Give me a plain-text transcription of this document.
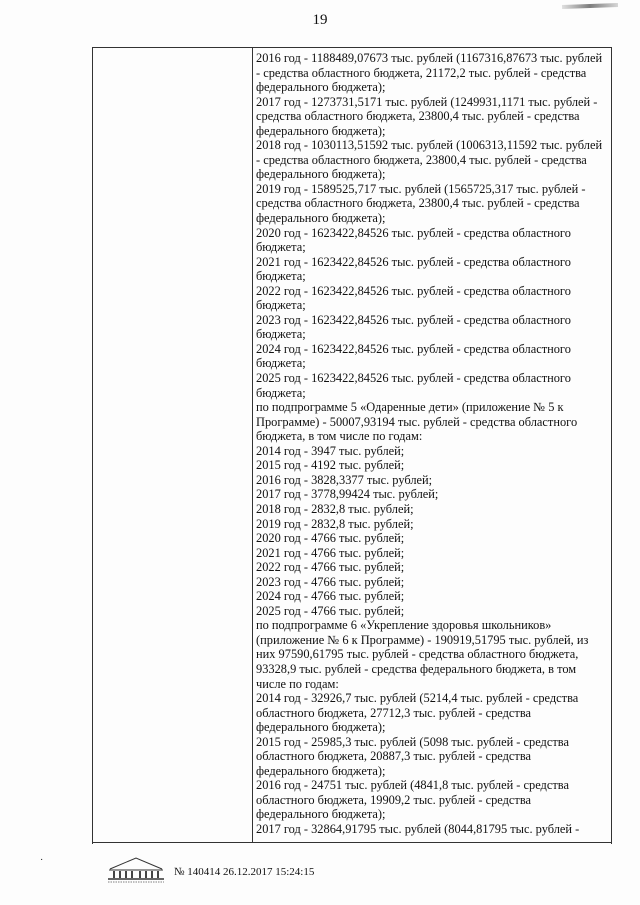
19

2016 год - 1188489,07673 тыс. рублей (1167316,87673 тыс. рублей - средства областного бюджета, 21172,2 тыс. рублей - средства федерального бюджета);

2017 год - 1273731,5171 тыс. рублей (1249931,1171 тыс. рублей - средства областного бюджета, 23800,4 тыс. рублей - средства федерального бюджета);

2018 год - 1030113,51592 тыс. рублей (1006313,11592 тыс. рублей - средства областного бюджета, 23800,4 тыс. рублей - средства федерального бюджета);

2019 год - 1589525,717 тыс. рублей (1565725,317 тыс. рублей - средства областного бюджета, 23800,4 тыс. рублей - средства федерального бюджета);

2020 год - 1623422,84526 тыс. рублей - средства областного бюджета;

2021 год - 1623422,84526 тыс. рублей - средства областного бюджета;

2022 год - 1623422,84526 тыс. рублей - средства областного бюджета;

2023 год - 1623422,84526 тыс. рублей - средства областного бюджета;

2024 год - 1623422,84526 тыс. рублей - средства областного бюджета;

2025 год - 1623422,84526 тыс. рублей - средства областного бюджета;

по подпрограмме 5 «Одаренные дети» (приложение № 5 к Программе) - 50007,93194 тыс. рублей - средства областного бюджета, в том числе по годам:

2014 год - 3947 тыс. рублей;

2015 год - 4192 тыс. рублей;

2016 год - 3828,3377 тыс. рублей;

2017 год - 3778,99424 тыс. рублей;

2018 год - 2832,8 тыс. рублей;

2019 год - 2832,8 тыс. рублей;

2020 год - 4766 тыс. рублей;

2021 год - 4766 тыс. рублей;

2022 год - 4766 тыс. рублей;

2023 год - 4766 тыс. рублей;

2024 год - 4766 тыс. рублей;

2025 год - 4766 тыс. рублей;

по подпрограмме 6 «Укрепление здоровья школьников» (приложение № 6 к Программе) - 190919,51795 тыс. рублей, из них 97590,61795 тыс. рублей - средства областного бюджета, 93328,9 тыс. рублей - средства федерального бюджета, в том числе по годам:

2014 год - 32926,7 тыс. рублей (5214,4 тыс. рублей - средства областного бюджета, 27712,3 тыс. рублей - средства федерального бюджета);

2015 год - 25985,3 тыс. рублей (5098 тыс. рублей - средства областного бюджета, 20887,3 тыс. рублей - средства федерального бюджета);

2016 год - 24751 тыс. рублей (4841,8 тыс. рублей - средства областного бюджета, 19909,2 тыс. рублей - средства федерального бюджета);

2017 год - 32864,91795 тыс. рублей (8044,81795 тыс. рублей -

·
№ 140414 26.12.2017 15:24:15
